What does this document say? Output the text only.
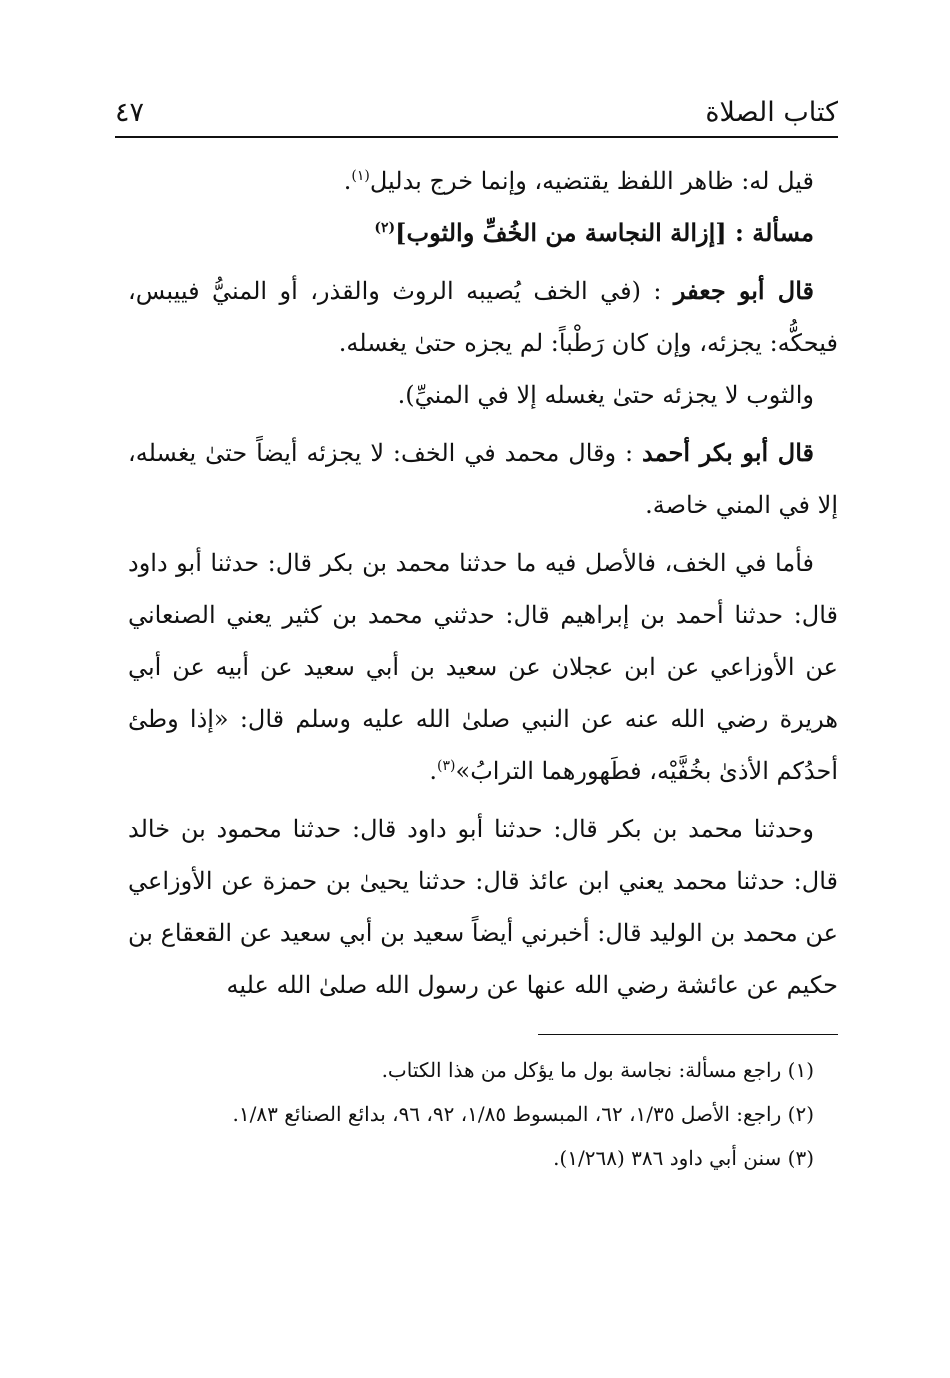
كتاب الصلاة
٤٧

قيل له: ظاهر اللفظ يقتضيه، وإنما خرج بدليل$^{(١)}$.

مسألة : [إزالة النجاسة من الخُفِّ والثوب]$^{(٢)}$

قال أبو جعفر : (في الخف يُصيبه الروث والقذر، أو المنيُّ فييبس، فيحكُّه: يجزئه، وإن كان رَطْباً: لم يجزه حتىٰ يغسله.

والثوب لا يجزئه حتىٰ يغسله إلا في المنيِّ).

قال أبو بكر أحمد : وقال محمد في الخف: لا يجزئه أيضاً حتىٰ يغسله، إلا في المني خاصة.

فأما في الخف، فالأصل فيه ما حدثنا محمد بن بكر قال: حدثنا أبو داود قال: حدثنا أحمد بن إبراهيم قال: حدثني محمد بن كثير يعني الصنعاني عن الأوزاعي عن ابن عجلان عن سعيد بن أبي سعيد عن أبيه عن أبي هريرة رضي الله عنه عن النبي صلىٰ الله عليه وسلم قال: «إذا وطئ أحدُكم الأذىٰ بخُفَّيْه، فطَهورهما الترابُ»$^{(٣)}$.

وحدثنا محمد بن بكر قال: حدثنا أبو داود قال: حدثنا محمود بن خالد قال: حدثنا محمد يعني ابن عائذ قال: حدثنا يحيىٰ بن حمزة عن الأوزاعي عن محمد بن الوليد قال: أخبرني أيضاً سعيد بن أبي سعيد عن القعقاع بن حكيم عن عائشة رضي الله عنها عن رسول الله صلىٰ الله عليه

(١) راجع مسألة: نجاسة بول ما يؤكل من هذا الكتاب.

(٢) راجع: الأصل ١/٣٥، ٦٢، المبسوط ١/٨٥، ٩٢، ٩٦، بدائع الصنائع ١/٨٣.

(٣) سنن أبي داود ٣٨٦ (١/٢٦٨).
